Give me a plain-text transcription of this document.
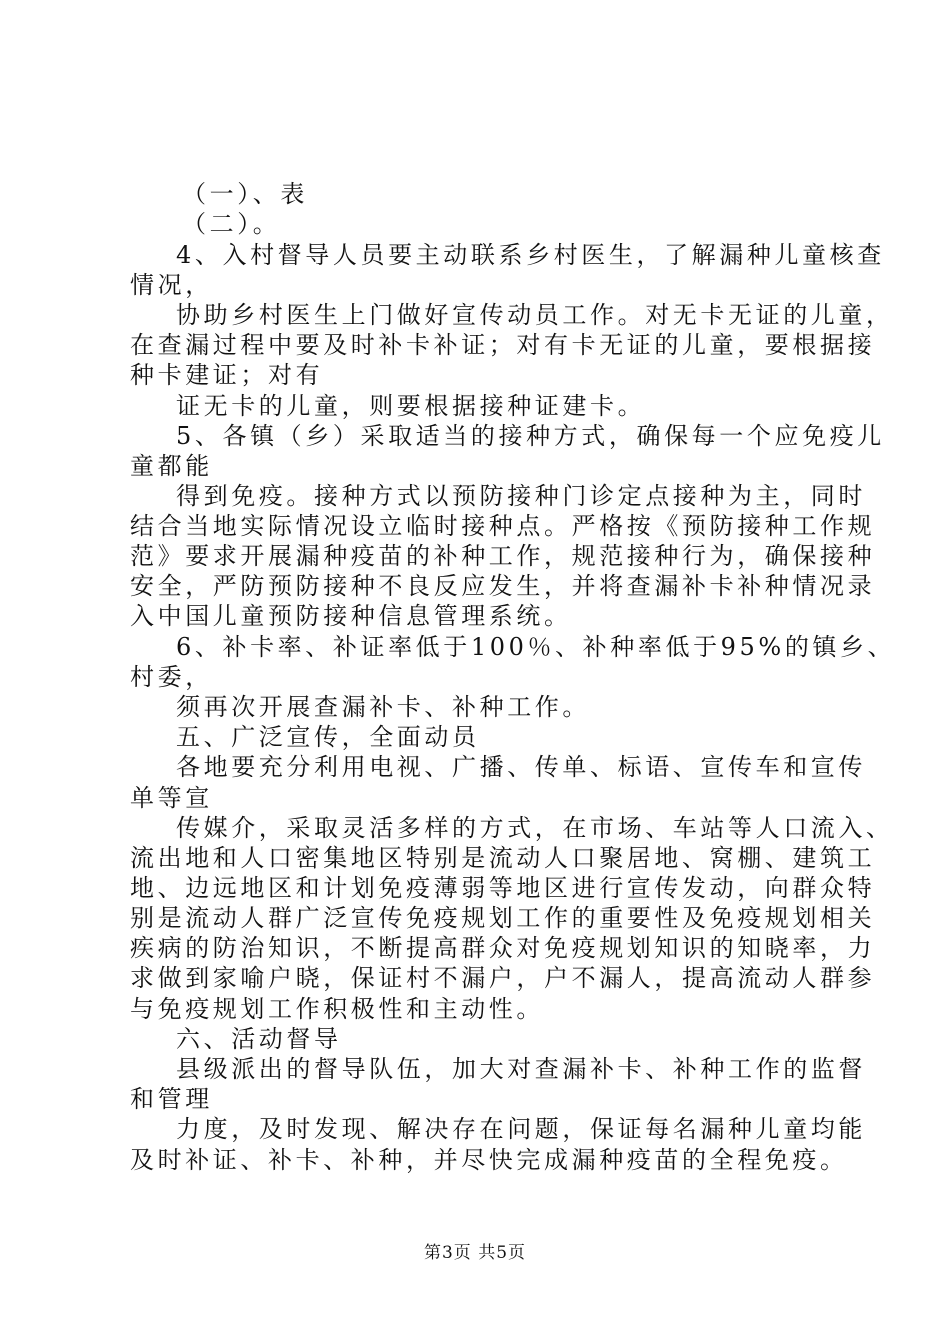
（一）、表
（二）。
4、入村督导人员要主动联系乡村医生，了解漏种儿童核查
情况，
协助乡村医生上门做好宣传动员工作。对无卡无证的儿童，
在查漏过程中要及时补卡补证；对有卡无证的儿童，要根据接
种卡建证；对有
证无卡的儿童，则要根据接种证建卡。
5、各镇（乡）采取适当的接种方式，确保每一个应免疫儿
童都能
得到免疫。接种方式以预防接种门诊定点接种为主，同时
结合当地实际情况设立临时接种点。严格按《预防接种工作规
范》要求开展漏种疫苗的补种工作，规范接种行为，确保接种
安全，严防预防接种不良反应发生，并将查漏补卡补种情况录
入中国儿童预防接种信息管理系统。
6、补卡率、补证率低于100％、补种率低于95%的镇乡、
村委，
须再次开展查漏补卡、补种工作。
五、广泛宣传，全面动员
各地要充分利用电视、广播、传单、标语、宣传车和宣传
单等宣
传媒介，采取灵活多样的方式，在市场、车站等人口流入、
流出地和人口密集地区特别是流动人口聚居地、窝棚、建筑工
地、边远地区和计划免疫薄弱等地区进行宣传发动，向群众特
别是流动人群广泛宣传免疫规划工作的重要性及免疫规划相关
疾病的防治知识，不断提高群众对免疫规划知识的知晓率，力
求做到家喻户晓，保证村不漏户，户不漏人，提高流动人群参
与免疫规划工作积极性和主动性。
六、活动督导
县级派出的督导队伍，加大对查漏补卡、补种工作的监督
和管理
力度，及时发现、解决存在问题，保证每名漏种儿童均能
及时补证、补卡、补种，并尽快完成漏种疫苗的全程免疫。
第3页 共5页
